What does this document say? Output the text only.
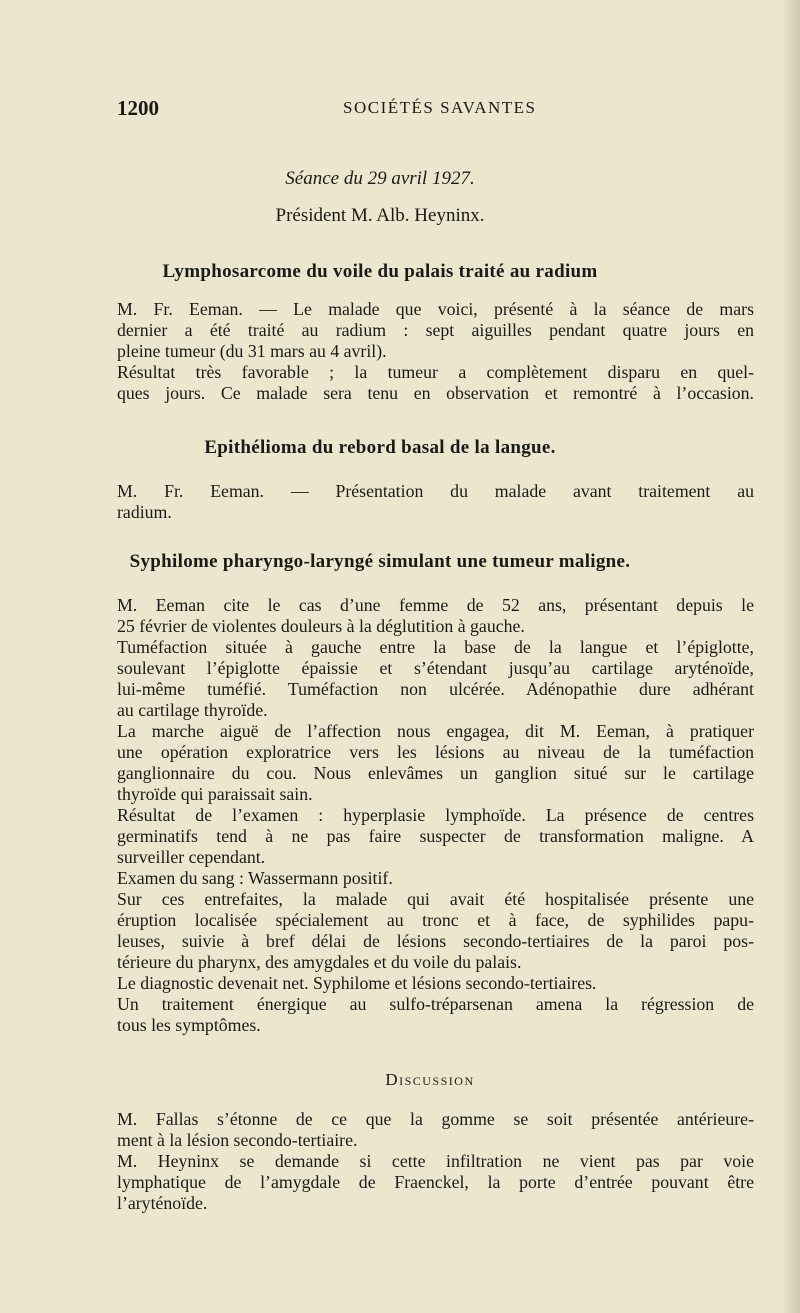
1200	SOCIÉTÉS SAVANTES
Séance du 29 avril 1927.
Président M. Alb. Heyninx.
Lymphosarcome du voile du palais traité au radium
M. Fr. Eeman. — Le malade que voici, présenté à la séance de mars
dernier a été traité au radium : sept aiguilles pendant quatre jours en
pleine tumeur (du 31 mars au 4 avril).
Résultat très favorable ; la tumeur a complètement disparu en quel-
ques jours. Ce malade sera tenu en observation et remontré à l’occasion.
Epithélioma du rebord basal de la langue.
M. Fr. Eeman. — Présentation du malade avant traitement au
radium.
Syphilome pharyngo-laryngé simulant une tumeur maligne.
M. Eeman cite le cas d’une femme de 52 ans, présentant depuis le
25 février de violentes douleurs à la déglutition à gauche.
Tuméfaction située à gauche entre la base de la langue et l’épiglotte,
soulevant l’épiglotte épaissie et s’étendant jusqu’au cartilage aryténoïde,
lui-même tuméfié. Tuméfaction non ulcérée. Adénopathie dure adhérant
au cartilage thyroïde.
La marche aiguë de l’affection nous engagea, dit M. Eeman, à pratiquer
une opération exploratrice vers les lésions au niveau de la tuméfaction
ganglionnaire du cou. Nous enlevâmes un ganglion situé sur le cartilage
thyroïde qui paraissait sain.
Résultat de l’examen : hyperplasie lymphoïde. La présence de centres
germinatifs tend à ne pas faire suspecter de transformation maligne. A
surveiller cependant.
Examen du sang : Wassermann positif.
Sur ces entrefaites, la malade qui avait été hospitalisée présente une
éruption localisée spécialement au tronc et à face, de syphilides papu-
leuses, suivie à bref délai de lésions secondo-tertiaires de la paroi pos-
térieure du pharynx, des amygdales et du voile du palais.
Le diagnostic devenait net. Syphilome et lésions secondo-tertiaires.
Un traitement énergique au sulfo-tréparsenan amena la régression de
tous les symptômes.
Discussion
M. Fallas s’étonne de ce que la gomme se soit présentée antérieure-
ment à la lésion secondo-tertiaire.
M. Heyninx se demande si cette infiltration ne vient pas par voie
lymphatique de l’amygdale de Fraenckel, la porte d’entrée pouvant être
l’aryténoïde.
